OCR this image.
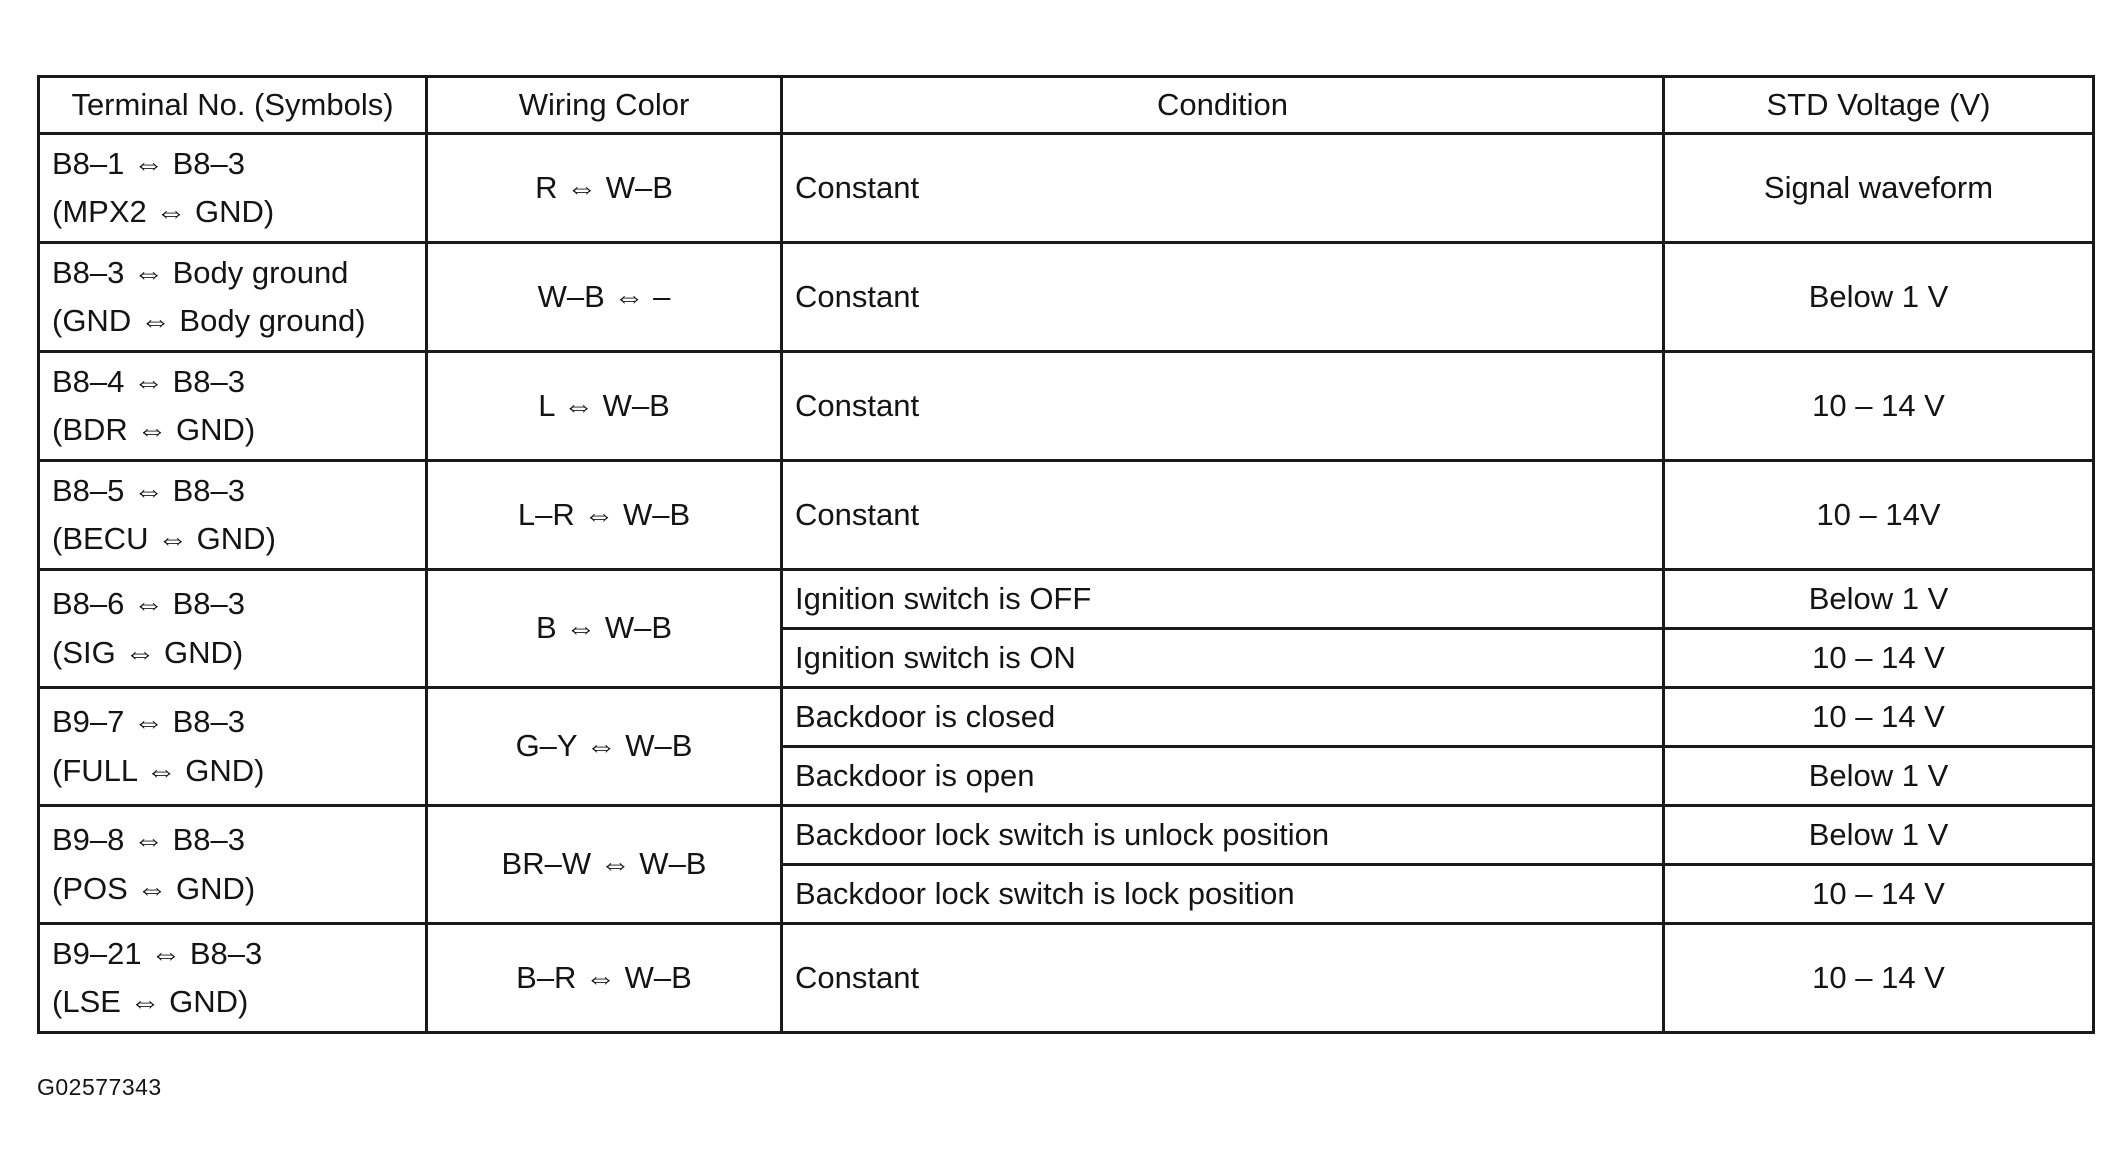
Terminal No. (Symbols)	Wiring Color	Condition	STD Voltage (V)

B8–1 ⇔ B8–3
(MPX2 ⇔ GND)	R ⇔ W–B	Constant	Signal waveform

B8–3 ⇔ Body ground
(GND ⇔ Body ground)	W–B ⇔ –	Constant	Below 1 V

B8–4 ⇔ B8–3
(BDR ⇔ GND)	L ⇔ W–B	Constant	10 – 14 V

B8–5 ⇔ B8–3
(BECU ⇔ GND)	L–R ⇔ W–B	Constant	10 – 14V

B8–6 ⇔ B8–3
(SIG ⇔ GND)	B ⇔ W–B	Ignition switch is OFF	Below 1 V
		Ignition switch is ON	10 – 14 V

B9–7 ⇔ B8–3
(FULL ⇔ GND)	G–Y ⇔ W–B	Backdoor is closed	10 – 14 V
		Backdoor is open	Below 1 V

B9–8 ⇔ B8–3
(POS ⇔ GND)	BR–W ⇔ W–B	Backdoor lock switch is unlock position	Below 1 V
		Backdoor lock switch is lock position	10 – 14 V

B9–21 ⇔ B8–3
(LSE ⇔ GND)	B–R ⇔ W–B	Constant	10 – 14 V
G02577343
